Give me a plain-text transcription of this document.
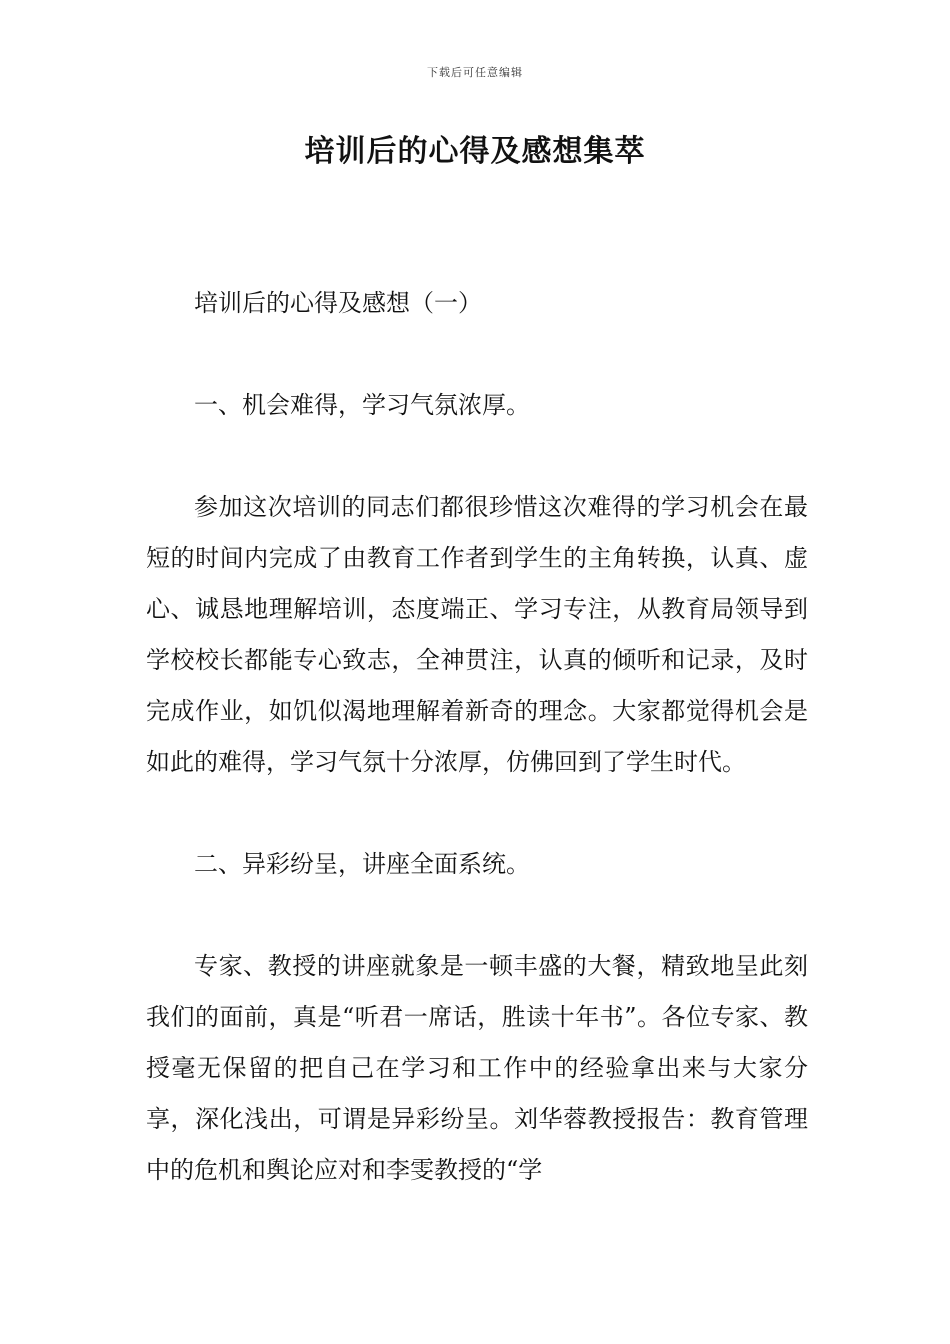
下载后可任意编辑
培训后的心得及感想集萃

培训后的心得及感想（一）

一、机会难得，学习气氛浓厚。

参加这次培训的同志们都很珍惜这次难得的学习机会在最短的时间内完成了由教育工作者到学生的主角转换，认真、虚心、诚恳地理解培训，态度端正、学习专注，从教育局领导到学校校长都能专心致志，全神贯注，认真的倾听和记录，及时完成作业，如饥似渴地理解着新奇的理念。大家都觉得机会是如此的难得，学习气氛十分浓厚，仿佛回到了学生时代。

二、异彩纷呈，讲座全面系统。

专家、教授的讲座就象是一顿丰盛的大餐，精致地呈此刻我们的面前，真是“听君一席话，胜读十年书”。各位专家、教授毫无保留的把自己在学习和工作中的经验拿出来与大家分享，深化浅出，可谓是异彩纷呈。刘华蓉教授报告：教育管理中的危机和舆论应对和李雯教授的“学
